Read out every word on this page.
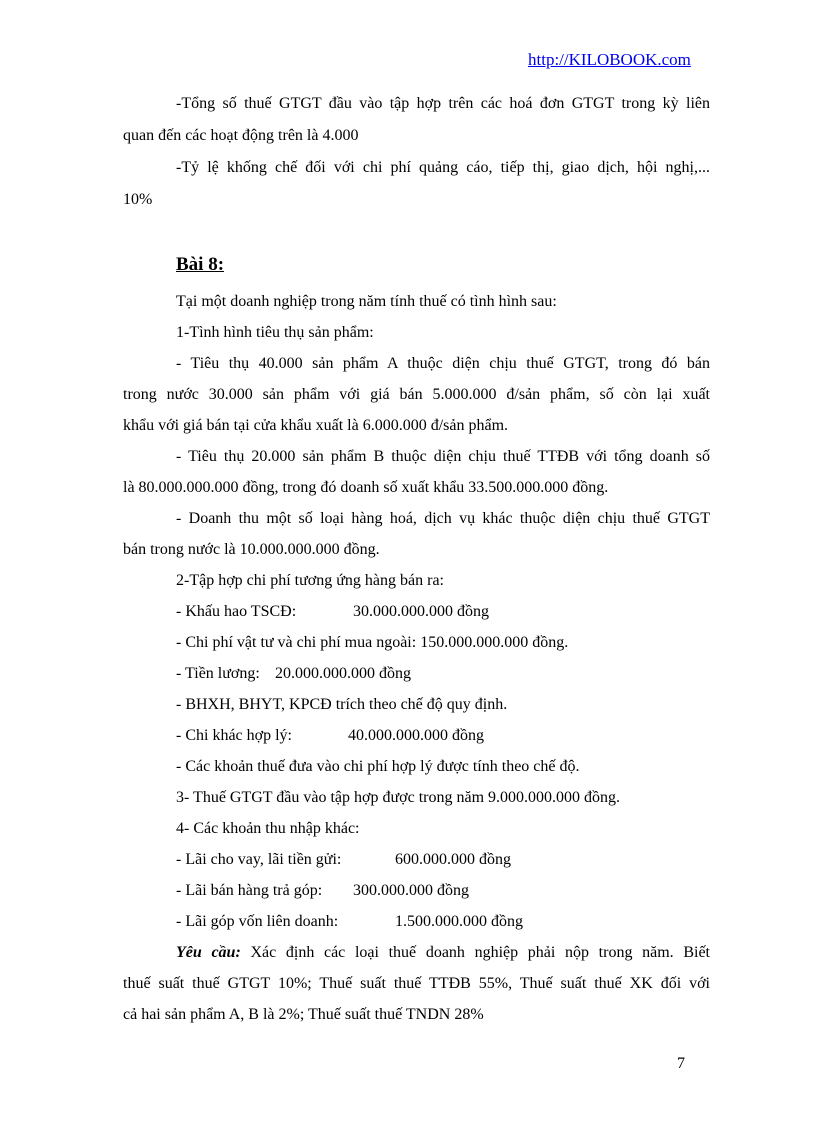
http://KILOBOOK.com
-Tổng số thuế GTGT đầu vào tập hợp trên các hoá đơn GTGT trong kỳ liên
quan đến các hoạt động trên là 4.000
-Tỷ lệ khống chế đối với chi phí quảng cáo, tiếp thị, giao dịch, hội nghị,...
10%
Bài 8:
Tại một doanh nghiệp trong năm tính thuế có tình hình sau:
1-Tình hình tiêu thụ sản phẩm:
- Tiêu thụ 40.000 sản phẩm A thuộc diện chịu thuế GTGT, trong đó bán
trong nước 30.000 sản phẩm với giá bán 5.000.000 đ/sản phẩm, số còn lại xuất
khẩu với giá bán tại cửa khẩu xuất là 6.000.000 đ/sản phẩm.
- Tiêu thụ 20.000 sản phẩm B thuộc diện chịu thuế TTĐB với tổng doanh số
là 80.000.000.000 đồng, trong đó doanh số xuất khẩu 33.500.000.000 đồng.
- Doanh thu một số loại hàng hoá, dịch vụ khác thuộc diện chịu thuế GTGT
bán trong nước là 10.000.000.000 đồng.
2-Tập hợp chi phí tương ứng hàng bán ra:
- Khấu hao TSCĐ:	30.000.000.000 đồng
- Chi phí vật tư và chi phí mua ngoài: 150.000.000.000 đồng.
- Tiền lương: 20.000.000.000 đồng
- BHXH, BHYT, KPCĐ trích theo chế độ quy định.
- Chi khác hợp lý:	40.000.000.000 đồng
- Các khoản thuế đưa vào chi phí hợp lý được tính theo chế độ.
3- Thuế GTGT đầu vào tập hợp được trong năm 9.000.000.000 đồng.
4- Các khoản thu nhập khác:
- Lãi cho vay, lãi tiền gửi:	600.000.000 đồng
- Lãi bán hàng trả góp: 300.000.000 đồng
- Lãi góp vốn liên doanh:	1.500.000.000 đồng
Yêu cầu: Xác định các loại thuế doanh nghiệp phải nộp trong năm. Biết
thuế suất thuế GTGT 10%; Thuế suất thuế TTĐB 55%, Thuế suất thuế XK đối với
cả hai sản phẩm A, B là 2%; Thuế suất thuế TNDN 28%
7
